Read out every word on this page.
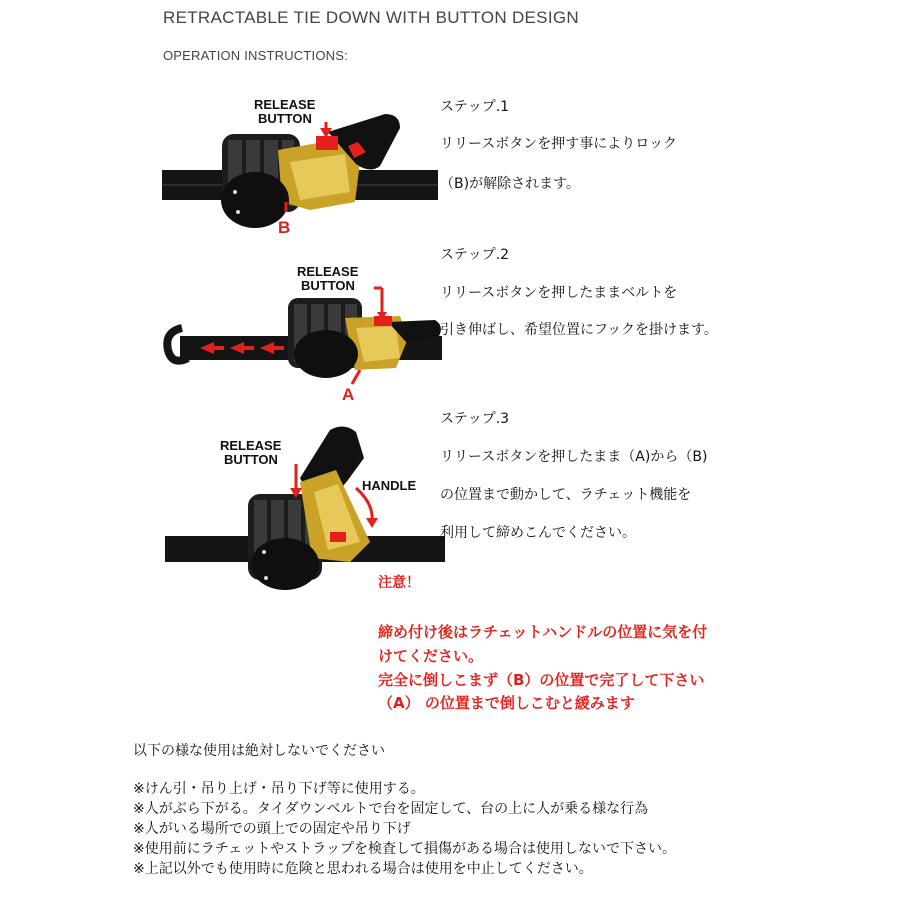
RETRACTABLE TIE DOWN WITH BUTTON DESIGN
OPERATION INSTRUCTIONS:
RELEASE
BUTTON
B
RELEASE
BUTTON
A
RELEASE
BUTTON
HANDLE
ステップ.1
リリースボタンを押す事によりロック
（B)が解除されます。
ステップ.2
リリースボタンを押したままベルトを
引き伸ばし、希望位置にフックを掛けます。
ステップ.3
リリースボタンを押したまま（A)から（B)
の位置まで動かして、ラチェット機能を
利用して締めこんでください。
注意！
締め付け後はラチェットハンドルの位置に気を付
けてください。
完全に倒しこまず（B）の位置で完了して下さい
（A） の位置まで倒しこむと緩みます
以下の様な使用は絶対しないでください
※けん引・吊り上げ・吊り下げ等に使用する。
※人がぶら下がる。タイダウンベルトで台を固定して、台の上に人が乗る様な行為
※人がいる場所での頭上での固定や吊り下げ
※使用前にラチェットやストラップを検査して損傷がある場合は使用しないで下さい。
※上記以外でも使用時に危険と思われる場合は使用を中止してください。
